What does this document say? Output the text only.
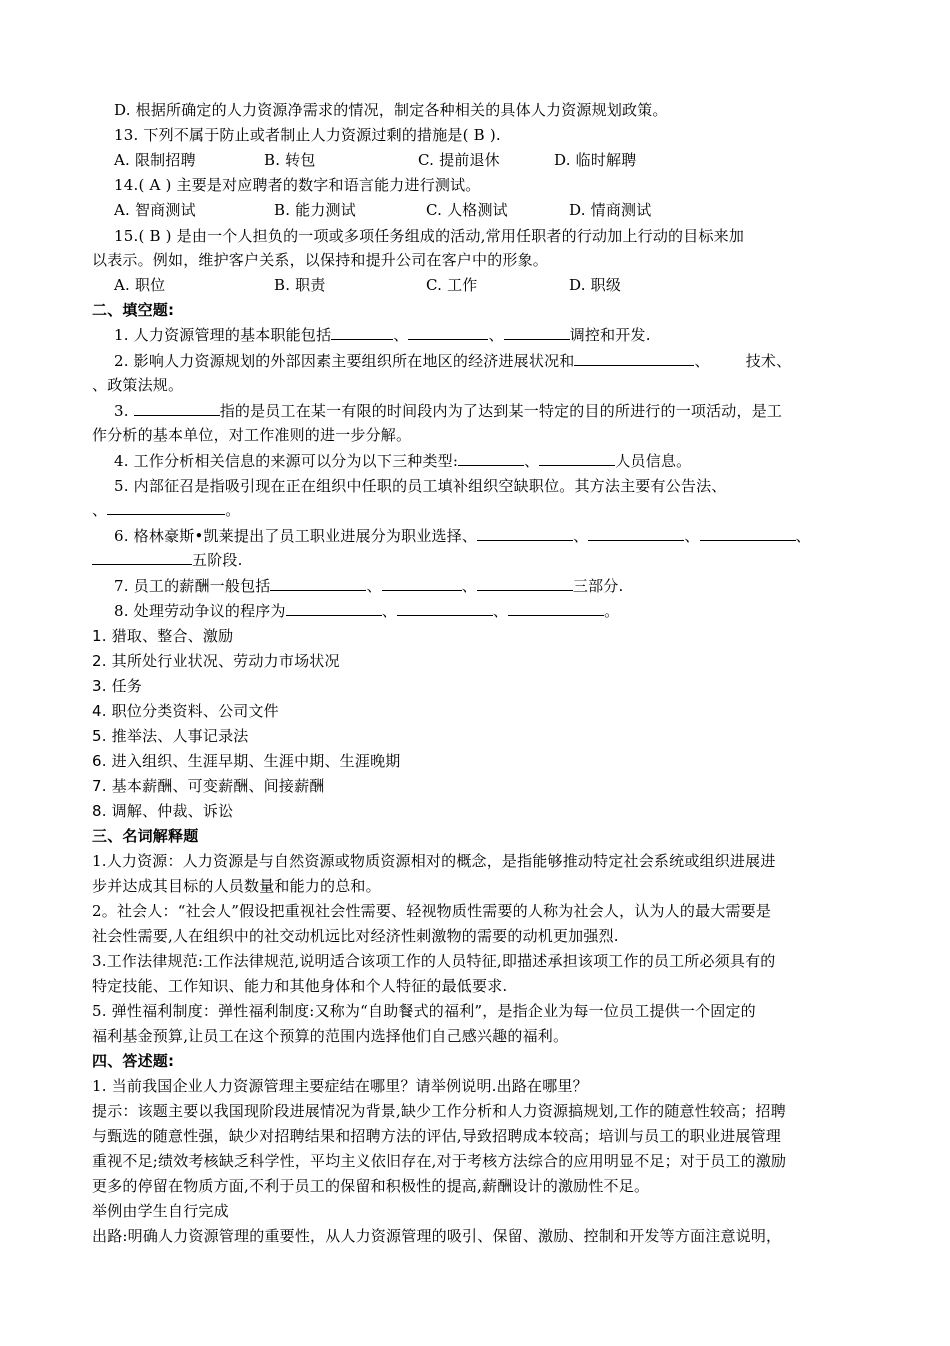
D. 根据所确定的人力资源净需求的情况，制定各种相关的具体人力资源规划政策。
13. 下列不属于防止或者制止人力资源过剩的措施是( B ).
A. 限制招聘	B. 转包	C. 提前退休	D. 临时解聘
14.( A ) 主要是对应聘者的数字和语言能力进行测试。
A. 智商测试	B. 能力测试	C. 人格测试	D. 情商测试
15.( B ) 是由一个人担负的一项或多项任务组成的活动,常用任职者的行动加上行动的目标来加
以表示。例如，维护客户关系，以保持和提升公司在客户中的形象。
A. 职位	B. 职责	C. 工作	D. 职级
二、填空题:
1. 人力资源管理的基本职能包括	、	、	调控和开发.
2. 影响人力资源规划的外部因素主要组织所在地区的经济进展状况和	、 技术、
、政策法规。
3.	指的是员工在某一有限的时间段内为了达到某一特定的目的所进行的一项活动，是工
作分析的基本单位，对工作准则的进一步分解。
4. 工作分析相关信息的来源可以分为以下三种类型:	、	人员信息。
5. 内部征召是指吸引现在正在组织中任职的员工填补组织空缺职位。其方法主要有公告法、
、	。
6. 格林豪斯•凯莱提出了员工职业进展分为职业选择、	、	、	、
五阶段.
7. 员工的薪酬一般包括	、	、	三部分.
8. 处理劳动争议的程序为	、	、	。
1. 猎取、整合、激励
2. 其所处行业状况、劳动力市场状况
3. 任务
4. 职位分类资料、公司文件
5. 推举法、人事记录法
6. 进入组织、生涯早期、生涯中期、生涯晚期
7. 基本薪酬、可变薪酬、间接薪酬
8. 调解、仲裁、诉讼
三、名词解释题
1.人力资源：人力资源是与自然资源或物质资源相对的概念，是指能够推动特定社会系统或组织进展进
步并达成其目标的人员数量和能力的总和。
2。社会人：“社会人”假设把重视社会性需要、轻视物质性需要的人称为社会人，认为人的最大需要是
社会性需要,人在组织中的社交动机远比对经济性刺激物的需要的动机更加强烈.
3.工作法律规范:工作法律规范,说明适合该项工作的人员特征,即描述承担该项工作的员工所必须具有的
特定技能、工作知识、能力和其他身体和个人特征的最低要求.
5. 弹性福利制度：弹性福利制度:又称为“自助餐式的福利”，是指企业为每一位员工提供一个固定的
福利基金预算,让员工在这个预算的范围内选择他们自己感兴趣的福利。
四、答述题:
1. 当前我国企业人力资源管理主要症结在哪里？请举例说明.出路在哪里？
提示：该题主要以我国现阶段进展情况为背景,缺少工作分析和人力资源搞规划,工作的随意性较高；招聘
与甄选的随意性强，缺少对招聘结果和招聘方法的评估,导致招聘成本较高；培训与员工的职业进展管理
重视不足;绩效考核缺乏科学性，平均主义依旧存在,对于考核方法综合的应用明显不足；对于员工的激励
更多的停留在物质方面,不利于员工的保留和积极性的提高,薪酬设计的激励性不足。
举例由学生自行完成
出路:明确人力资源管理的重要性，从人力资源管理的吸引、保留、激励、控制和开发等方面注意说明，
